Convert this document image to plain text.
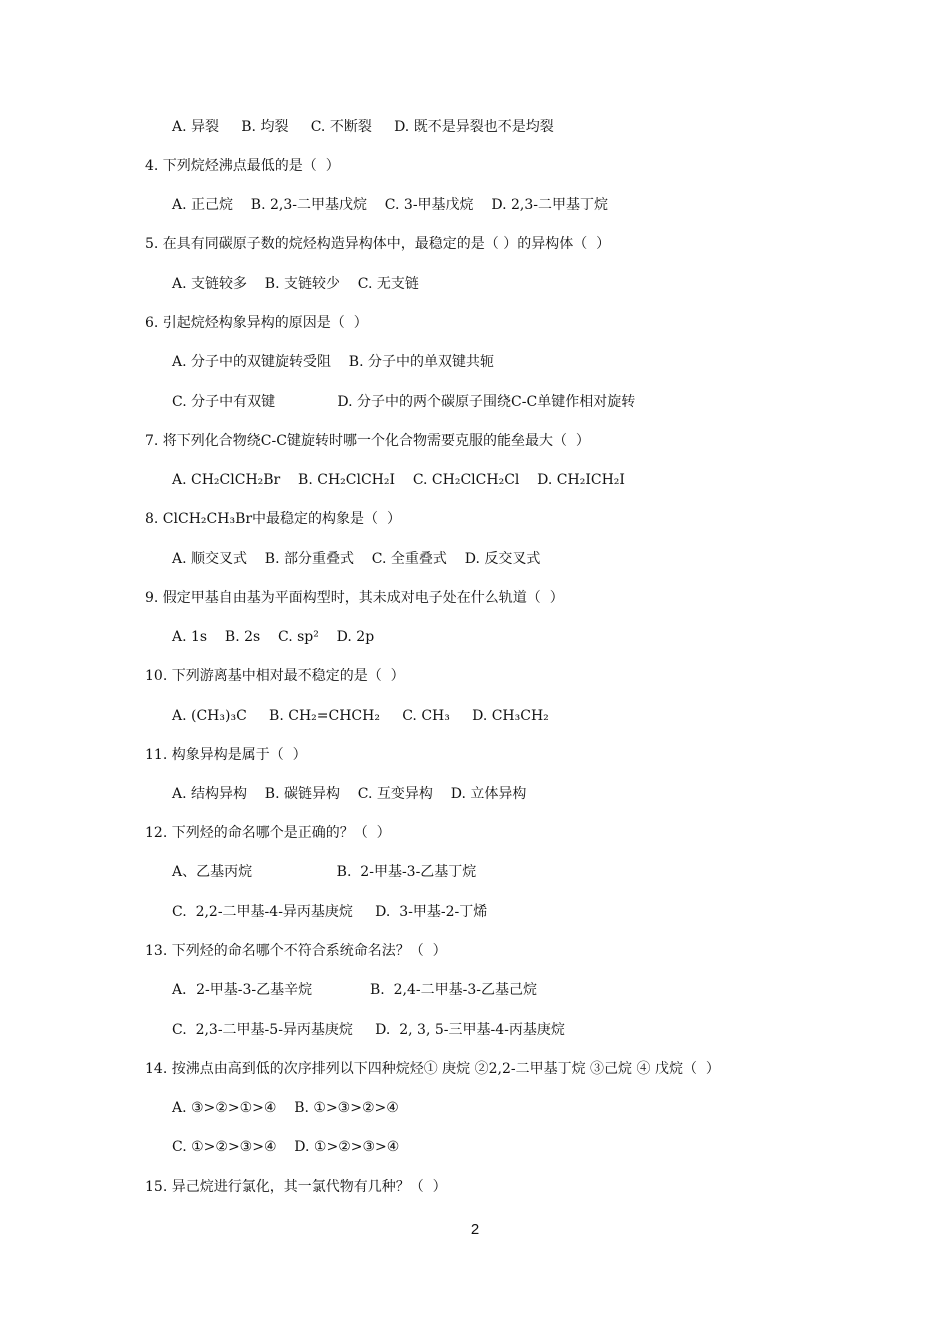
A. 异裂     B. 均裂     C. 不断裂     D. 既不是异裂也不是均裂
4. 下列烷烃沸点最低的是（  ）
A. 正己烷    B. 2,3-二甲基戊烷    C. 3-甲基戊烷    D. 2,3-二甲基丁烷
5. 在具有同碳原子数的烷烃构造异构体中，最稳定的是（ ）的异构体（  ）
A. 支链较多    B. 支链较少    C. 无支链
6. 引起烷烃构象异构的原因是（  ）
A. 分子中的双键旋转受阻    B. 分子中的单双键共轭
C. 分子中有双键              D. 分子中的两个碳原子围绕C-C单键作相对旋转
7. 将下列化合物绕C-C键旋转时哪一个化合物需要克服的能垒最大（  ）
A. CH₂ClCH₂Br    B. CH₂ClCH₂I    C. CH₂ClCH₂Cl    D. CH₂ICH₂I
8. ClCH₂CH₃Br中最稳定的构象是（  ）
A. 顺交叉式    B. 部分重叠式    C. 全重叠式    D. 反交叉式
9. 假定甲基自由基为平面构型时，其未成对电子处在什么轨道（  ）
A. 1s    B. 2s    C. sp²    D. 2p
10. 下列游离基中相对最不稳定的是（  ）
A. (CH₃)₃C     B. CH₂=CHCH₂     C. CH₃     D. CH₃CH₂
11. 构象异构是属于（  ）
A. 结构异构    B. 碳链异构    C. 互变异构    D. 立体异构
12. 下列烃的命名哪个是正确的？（  ）
A、乙基丙烷                   B.  2-甲基-3-乙基丁烷
C.  2,2-二甲基-4-异丙基庚烷     D.  3-甲基-2-丁烯
13. 下列烃的命名哪个不符合系统命名法？（  ）
A．2-甲基-3-乙基辛烷             B.  2,4-二甲基-3-乙基己烷
C.  2,3-二甲基-5-异丙基庚烷     D.  2, 3, 5-三甲基-4-丙基庚烷
14. 按沸点由高到低的次序排列以下四种烷烃① 庚烷 ②2,2-二甲基丁烷 ③己烷 ④ 戊烷（  ）
A. ③>②>①>④    B. ①>③>②>④
C. ①>②>③>④    D. ①>②>③>④
15. 异己烷进行氯化，其一氯代物有几种？（  ）
2
